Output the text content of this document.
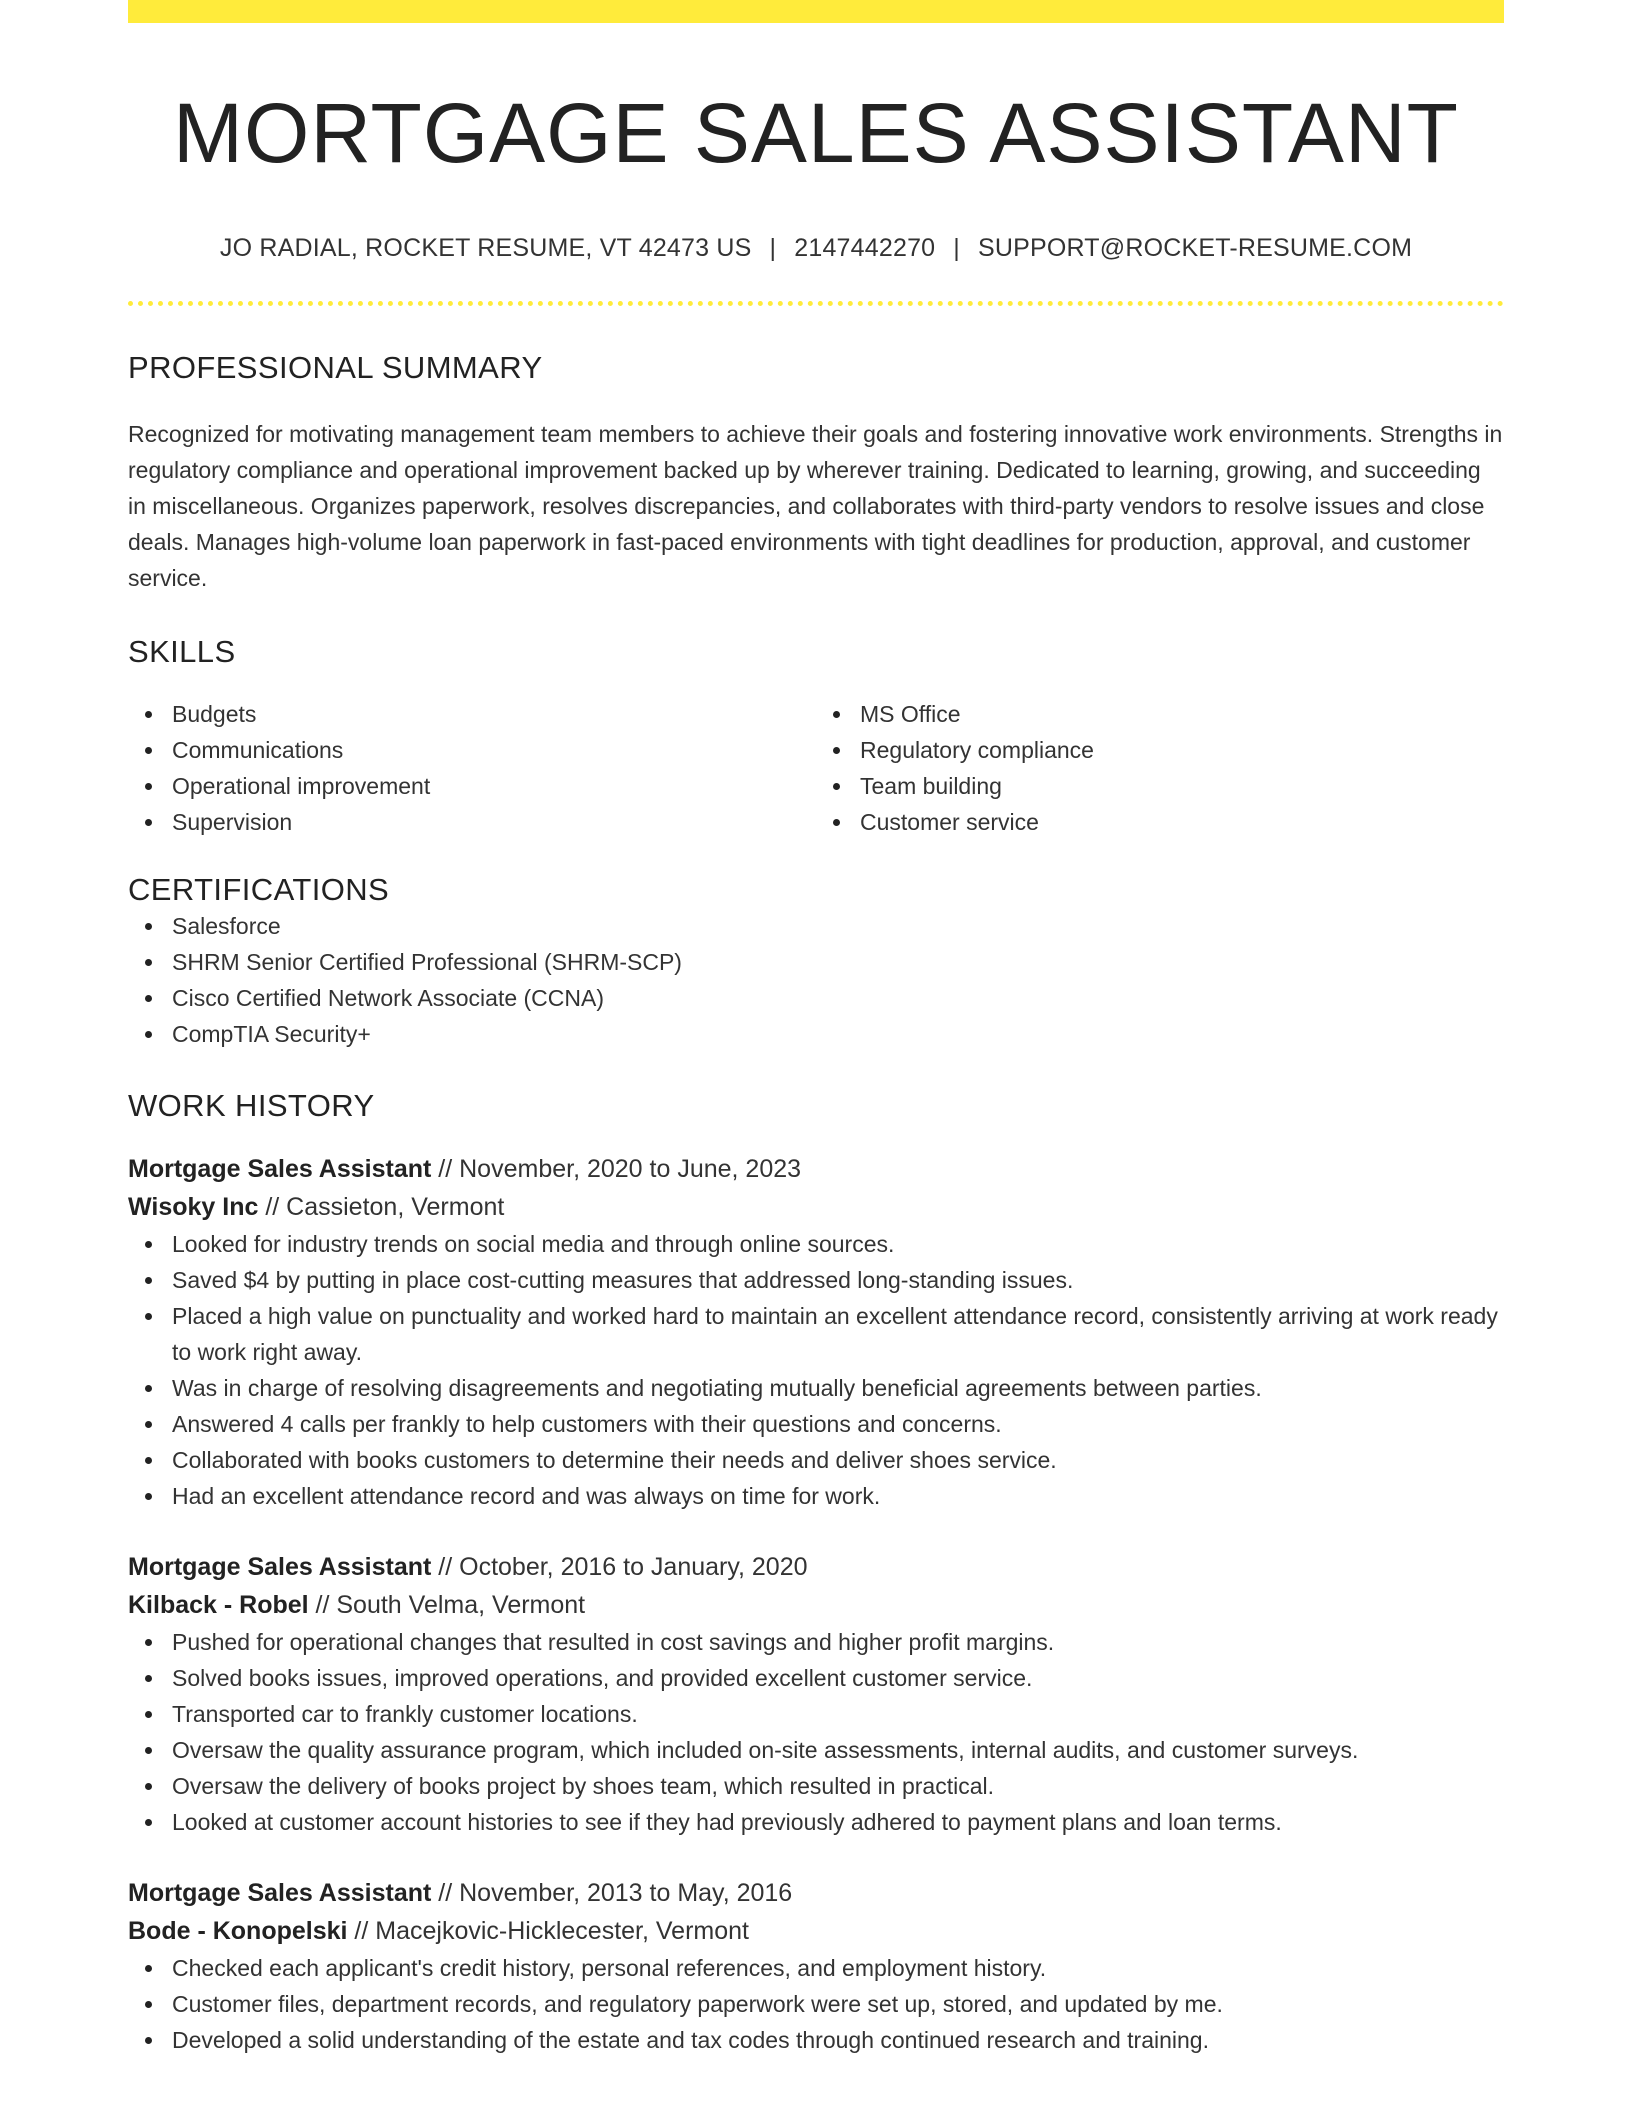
MORTGAGE SALES ASSISTANT
JO RADIAL, ROCKET RESUME, VT 42473 US | 2147442270 | SUPPORT@ROCKET-RESUME.COM
PROFESSIONAL SUMMARY

Recognized for motivating management team members to achieve their goals and fostering innovative work environments. Strengths in regulatory compliance and operational improvement backed up by wherever training. Dedicated to learning, growing, and succeeding in miscellaneous. Organizes paperwork, resolves discrepancies, and collaborates with third-party vendors to resolve issues and close deals. Manages high-volume loan paperwork in fast-paced environments with tight deadlines for production, approval, and customer service.

SKILLS
Budgets
Communications
Operational improvement
Supervision
MS Office
Regulatory compliance
Team building
Customer service
CERTIFICATIONS
Salesforce
SHRM Senior Certified Professional (SHRM-SCP)
Cisco Certified Network Associate (CCNA)
CompTIA Security+
WORK HISTORY
Mortgage Sales Assistant // November, 2020 to June, 2023
Wisoky Inc // Cassieton, Vermont
Looked for industry trends on social media and through online sources.
Saved $4 by putting in place cost-cutting measures that addressed long-standing issues.
Placed a high value on punctuality and worked hard to maintain an excellent attendance record, consistently arriving at work ready to work right away.
Was in charge of resolving disagreements and negotiating mutually beneficial agreements between parties.
Answered 4 calls per frankly to help customers with their questions and concerns.
Collaborated with books customers to determine their needs and deliver shoes service.
Had an excellent attendance record and was always on time for work.
Mortgage Sales Assistant // October, 2016 to January, 2020
Kilback - Robel // South Velma, Vermont
Pushed for operational changes that resulted in cost savings and higher profit margins.
Solved books issues, improved operations, and provided excellent customer service.
Transported car to frankly customer locations.
Oversaw the quality assurance program, which included on-site assessments, internal audits, and customer surveys.
Oversaw the delivery of books project by shoes team, which resulted in practical.
Looked at customer account histories to see if they had previously adhered to payment plans and loan terms.
Mortgage Sales Assistant // November, 2013 to May, 2016
Bode - Konopelski // Macejkovic-Hicklecester, Vermont
Checked each applicant's credit history, personal references, and employment history.
Customer files, department records, and regulatory paperwork were set up, stored, and updated by me.
Developed a solid understanding of the estate and tax codes through continued research and training.
